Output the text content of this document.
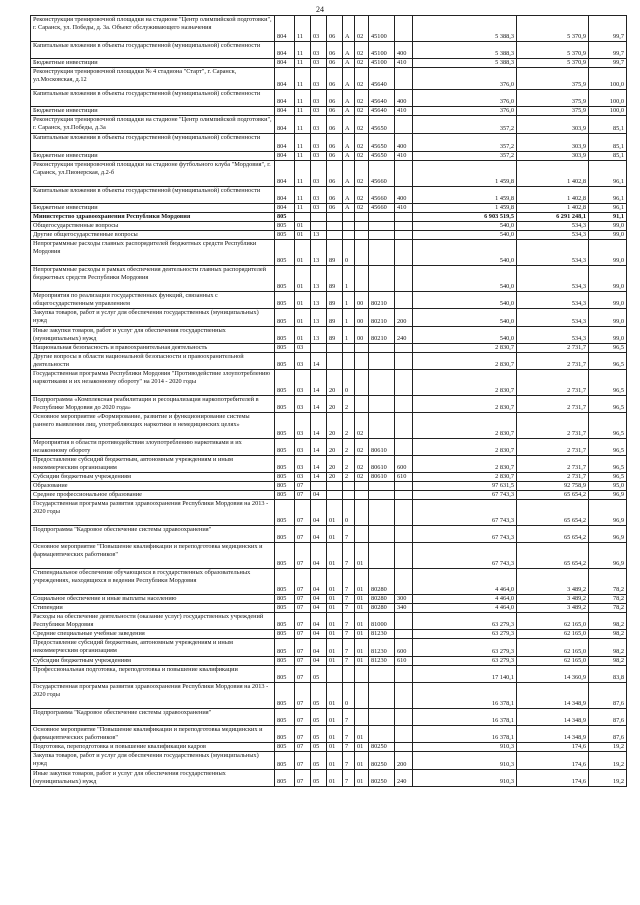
24
Реконструкция тренировочной площадки на стадионе "Центр олимпийской подготовки", г. Саранск, ул. Победы, д. 3а. Объект обслуживающего назначения	804	11	03	06	А	02	45100		5 388,3	5 370,9	99,7
Капитальные вложения в объекты государственной (муниципальной) собственности	804	11	03	06	А	02	45100	400	5 388,3	5 370,9	99,7
Бюджетные инвестиции	804	11	03	06	А	02	45100	410	5 388,3	5 370,9	99,7
Реконструкция тренировочной площадки № 4 стадиона "Старт", г. Саранск, ул.Московская, д.12	804	11	03	06	А	02	45640		376,0	375,9	100,0
Капитальные вложения в объекты государственной (муниципальной) собственности	804	11	03	06	А	02	45640	400	376,0	375,9	100,0
Бюджетные инвестиции	804	11	03	06	А	02	45640	410	376,0	375,9	100,0
Реконструкция тренировочной площадки на стадионе "Центр олимпийской подготовки", г. Саранск, ул.Победы, д.3а	804	11	03	06	А	02	45650		357,2	303,9	85,1
Капитальные вложения в объекты государственной (муниципальной) собственности	804	11	03	06	А	02	45650	400	357,2	303,9	85,1
Бюджетные инвестиции	804	11	03	06	А	02	45650	410	357,2	303,9	85,1
Реконструкция тренировочной площадки на стадионе футбольного клуба "Мордовия", г. Саранск, ул.Пионерская, д.2-б	804	11	03	06	А	02	45660		1 459,8	1 402,8	96,1
Капитальные вложения в объекты государственной (муниципальной) собственности	804	11	03	06	А	02	45660	400	1 459,8	1 402,8	96,1
Бюджетные инвестиции	804	11	03	06	А	02	45660	410	1 459,8	1 402,8	96,1
Министерство здравоохранения Республики Мордовия	805								6 903 519,5	6 291 248,1	91,1
Общегосударственные вопросы	805	01							540,0	534,3	99,0
Другие общегосударственные вопросы	805	01	13						540,0	534,3	99,0
Непрограммные расходы главных распорядителей бюджетных средств Республики Мордовия	805	01	13	89	0				540,0	534,3	99,0
Непрограммные расходы в рамках обеспечения деятельности главных распорядителей бюджетных средств Республики Мордовия	805	01	13	89	1				540,0	534,3	99,0
Мероприятия по реализации государственных функций, связанных с общегосударственным управлением	805	01	13	89	1	00	80210		540,0	534,3	99,0
Закупка товаров, работ и услуг для обеспечения государственных (муниципальных) нужд	805	01	13	89	1	00	80210	200	540,0	534,3	99,0
Иные закупки товаров, работ и услуг для обеспечения государственных (муниципальных) нужд	805	01	13	89	1	00	80210	240	540,0	534,3	99,0
Национальная безопасность и правоохранительная деятельность	805	03							2 830,7	2 731,7	96,5
Другие вопросы в области национальной безопасности и правоохранительной деятельности	805	03	14						2 830,7	2 731,7	96,5
Государственная программа Республики Мордовия "Противодействие злоупотреблению наркотиками и их незаконному обороту" на 2014 - 2020 годы	805	03	14	20	0				2 830,7	2 731,7	96,5
Подпрограмма «Комплексная реабилитация и ресоциализация наркопотребителей в Республике Мордовия до 2020 года»	805	03	14	20	2				2 830,7	2 731,7	96,5
Основное мероприятие «Формирование, развитие и функционирование системы раннего выявления лиц, употребляющих наркотики в немедицинских целях»	805	03	14	20	2	02			2 830,7	2 731,7	96,5
Мероприятия в области противодействия злоупотреблению наркотиками и их незаконному обороту	805	03	14	20	2	02	80610		2 830,7	2 731,7	96,5
Предоставление субсидий бюджетным, автономным учреждениям и иным некоммерческим организациям	805	03	14	20	2	02	80610	600	2 830,7	2 731,7	96,5
Субсидии бюджетным учреждениям	805	03	14	20	2	02	80610	610	2 830,7	2 731,7	96,5
Образование	805	07							97 631,5	92 758,9	95,0
Среднее профессиональное образование	805	07	04						67 743,3	65 654,2	96,9
Государственная программа развития здравоохранения Республики Мордовия на 2013 - 2020 годы	805	07	04	01	0				67 743,3	65 654,2	96,9
Подпрограмма "Кадровое обеспечение системы здравоохранения"	805	07	04	01	7				67 743,3	65 654,2	96,9
Основное мероприятие "Повышение квалификации и переподготовка медицинских и фармацевтических работников"	805	07	04	01	7	01			67 743,3	65 654,2	96,9
Стипендиальное обеспечение обучающихся в государственных образовательных учреждениях, находящихся в ведении Республики Мордовия	805	07	04	01	7	01	80280		4 464,0	3 489,2	78,2
Социальное обеспечение и иные выплаты населению	805	07	04	01	7	01	80280	300	4 464,0	3 489,2	78,2
Стипендии	805	07	04	01	7	01	80280	340	4 464,0	3 489,2	78,2
Расходы на обеспечение деятельности (оказание услуг) государственных учреждений Республики Мордовия	805	07	04	01	7	01	81000		63 279,3	62 165,0	98,2
Средние специальные учебные заведения	805	07	04	01	7	01	81230		63 279,3	62 165,0	98,2
Предоставление субсидий бюджетным, автономным учреждениям и иным некоммерческим организациям	805	07	04	01	7	01	81230	600	63 279,3	62 165,0	98,2
Субсидии бюджетным учреждениям	805	07	04	01	7	01	81230	610	63 279,3	62 165,0	98,2
Профессиональная подготовка, переподготовка и повышение квалификации	805	07	05						17 140,1	14 360,9	83,8
Государственная программа развития здравоохранения Республики Мордовия на 2013 - 2020 годы	805	07	05	01	0				16 378,1	14 348,9	87,6
Подпрограмма "Кадровое обеспечение системы здравоохранения"	805	07	05	01	7				16 378,1	14 348,9	87,6
Основное мероприятие "Повышение квалификации и переподготовка медицинских и фармацевтических работников"	805	07	05	01	7	01			16 378,1	14 348,9	87,6
Подготовка, переподготовка и повышение квалификации кадров	805	07	05	01	7	01	80250		910,3	174,6	19,2
Закупка товаров, работ и услуг для обеспечения государственных (муниципальных) нужд	805	07	05	01	7	01	80250	200	910,3	174,6	19,2
Иные закупки товаров, работ и услуг для обеспечения государственных (муниципальных) нужд	805	07	05	01	7	01	80250	240	910,3	174,6	19,2
